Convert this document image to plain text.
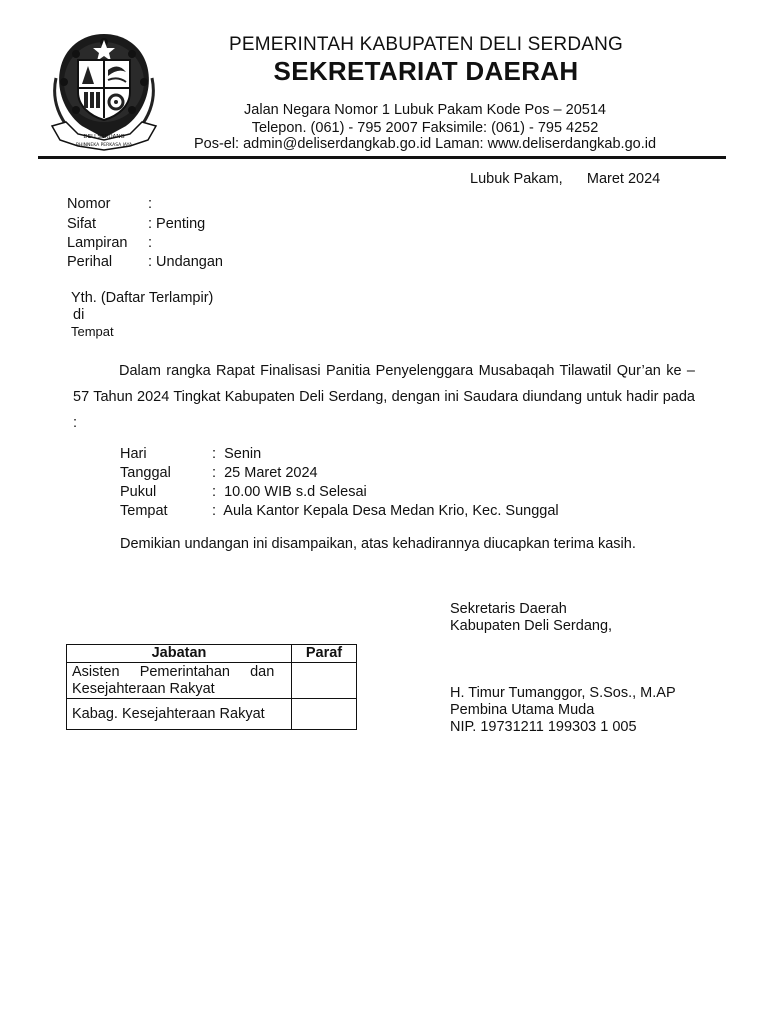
DELI SERDANG
BHINNEKA PERKASA JAYA
PEMERINTAH KABUPATEN DELI SERDANG
SEKRETARIAT DAERAH
Jalan Negara Nomor 1 Lubuk Pakam Kode Pos – 20514
Telepon. (061) - 795 2007 Faksimile: (061) - 795 4252
Pos-el: admin@deliserdangkab.go.id Laman: www.deliserdangkab.go.id
Lubuk Pakam,      Maret 2024
Nomor	:
Sifat	: Penting
Lampiran :
Perihal : Undangan
Yth. (Daftar Terlampir)
di
Tempat
Dalam rangka Rapat Finalisasi Panitia Penyelenggara Musabaqah Tilawatil Qur’an ke – 57 Tahun 2024 Tingkat Kabupaten Deli Serdang, dengan ini Saudara diundang untuk hadir pada :
Hari	:  Senin
Tanggal	:  25 Maret 2024
Pukul	:  10.00 WIB s.d Selesai
Tempat	:  Aula Kantor Kepala Desa Medan Krio, Kec. Sunggal
Demikian undangan ini disampaikan, atas kehadirannya diucapkan terima kasih.
Jabatan	Paraf

Asisten     Pemerintahan     dan
Kesejahteraan Rakyat	

Kabag. Kesejahteraan Rakyat	
Sekretaris Daerah
Kabupaten Deli Serdang,
H. Timur Tumanggor, S.Sos., M.AP
Pembina Utama Muda
NIP. 19731211 199303 1 005
